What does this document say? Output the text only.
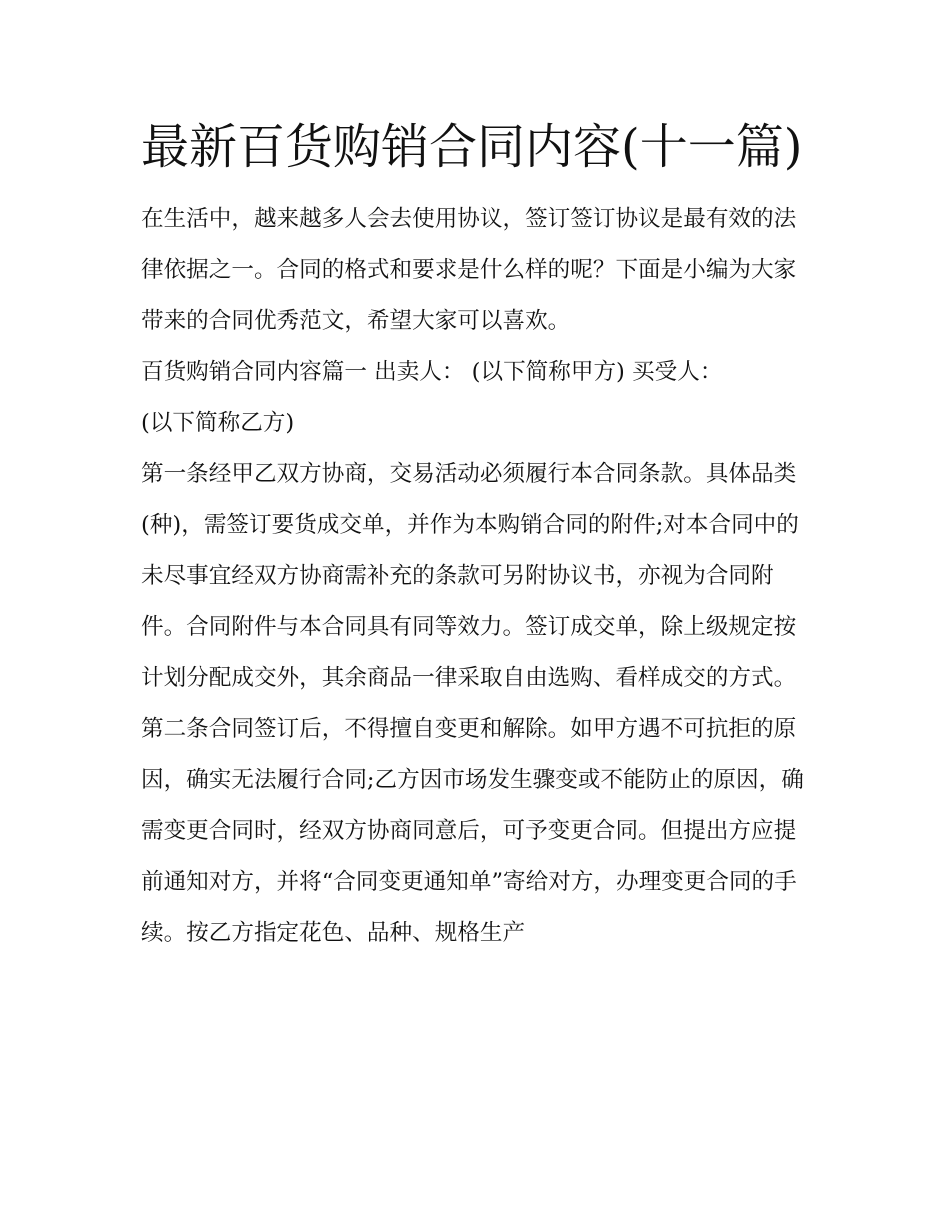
最新百货购销合同内容(十一篇)

在生活中，越来越多人会去使用协议，签订签订协议是最有效的法律依据之一。合同的格式和要求是什么样的呢？下面是小编为大家带来的合同优秀范文，希望大家可以喜欢。

百货购销合同内容篇一 出卖人： (以下简称甲方) 买受人：

(以下简称乙方)

第一条经甲乙双方协商，交易活动必须履行本合同条款。具体品类(种)，需签订要货成交单，并作为本购销合同的附件;对本合同中的未尽事宜经双方协商需补充的条款可另附协议书，亦视为合同附件。合同附件与本合同具有同等效力。签订成交单，除上级规定按计划分配成交外，其余商品一律采取自由选购、看样成交的方式。

第二条合同签订后，不得擅自变更和解除。如甲方遇不可抗拒的原因，确实无法履行合同;乙方因市场发生骤变或不能防止的原因，确需变更合同时，经双方协商同意后，可予变更合同。但提出方应提前通知对方，并将“合同变更通知单”寄给对方，办理变更合同的手续。按乙方指定花色、品种、规格生产
